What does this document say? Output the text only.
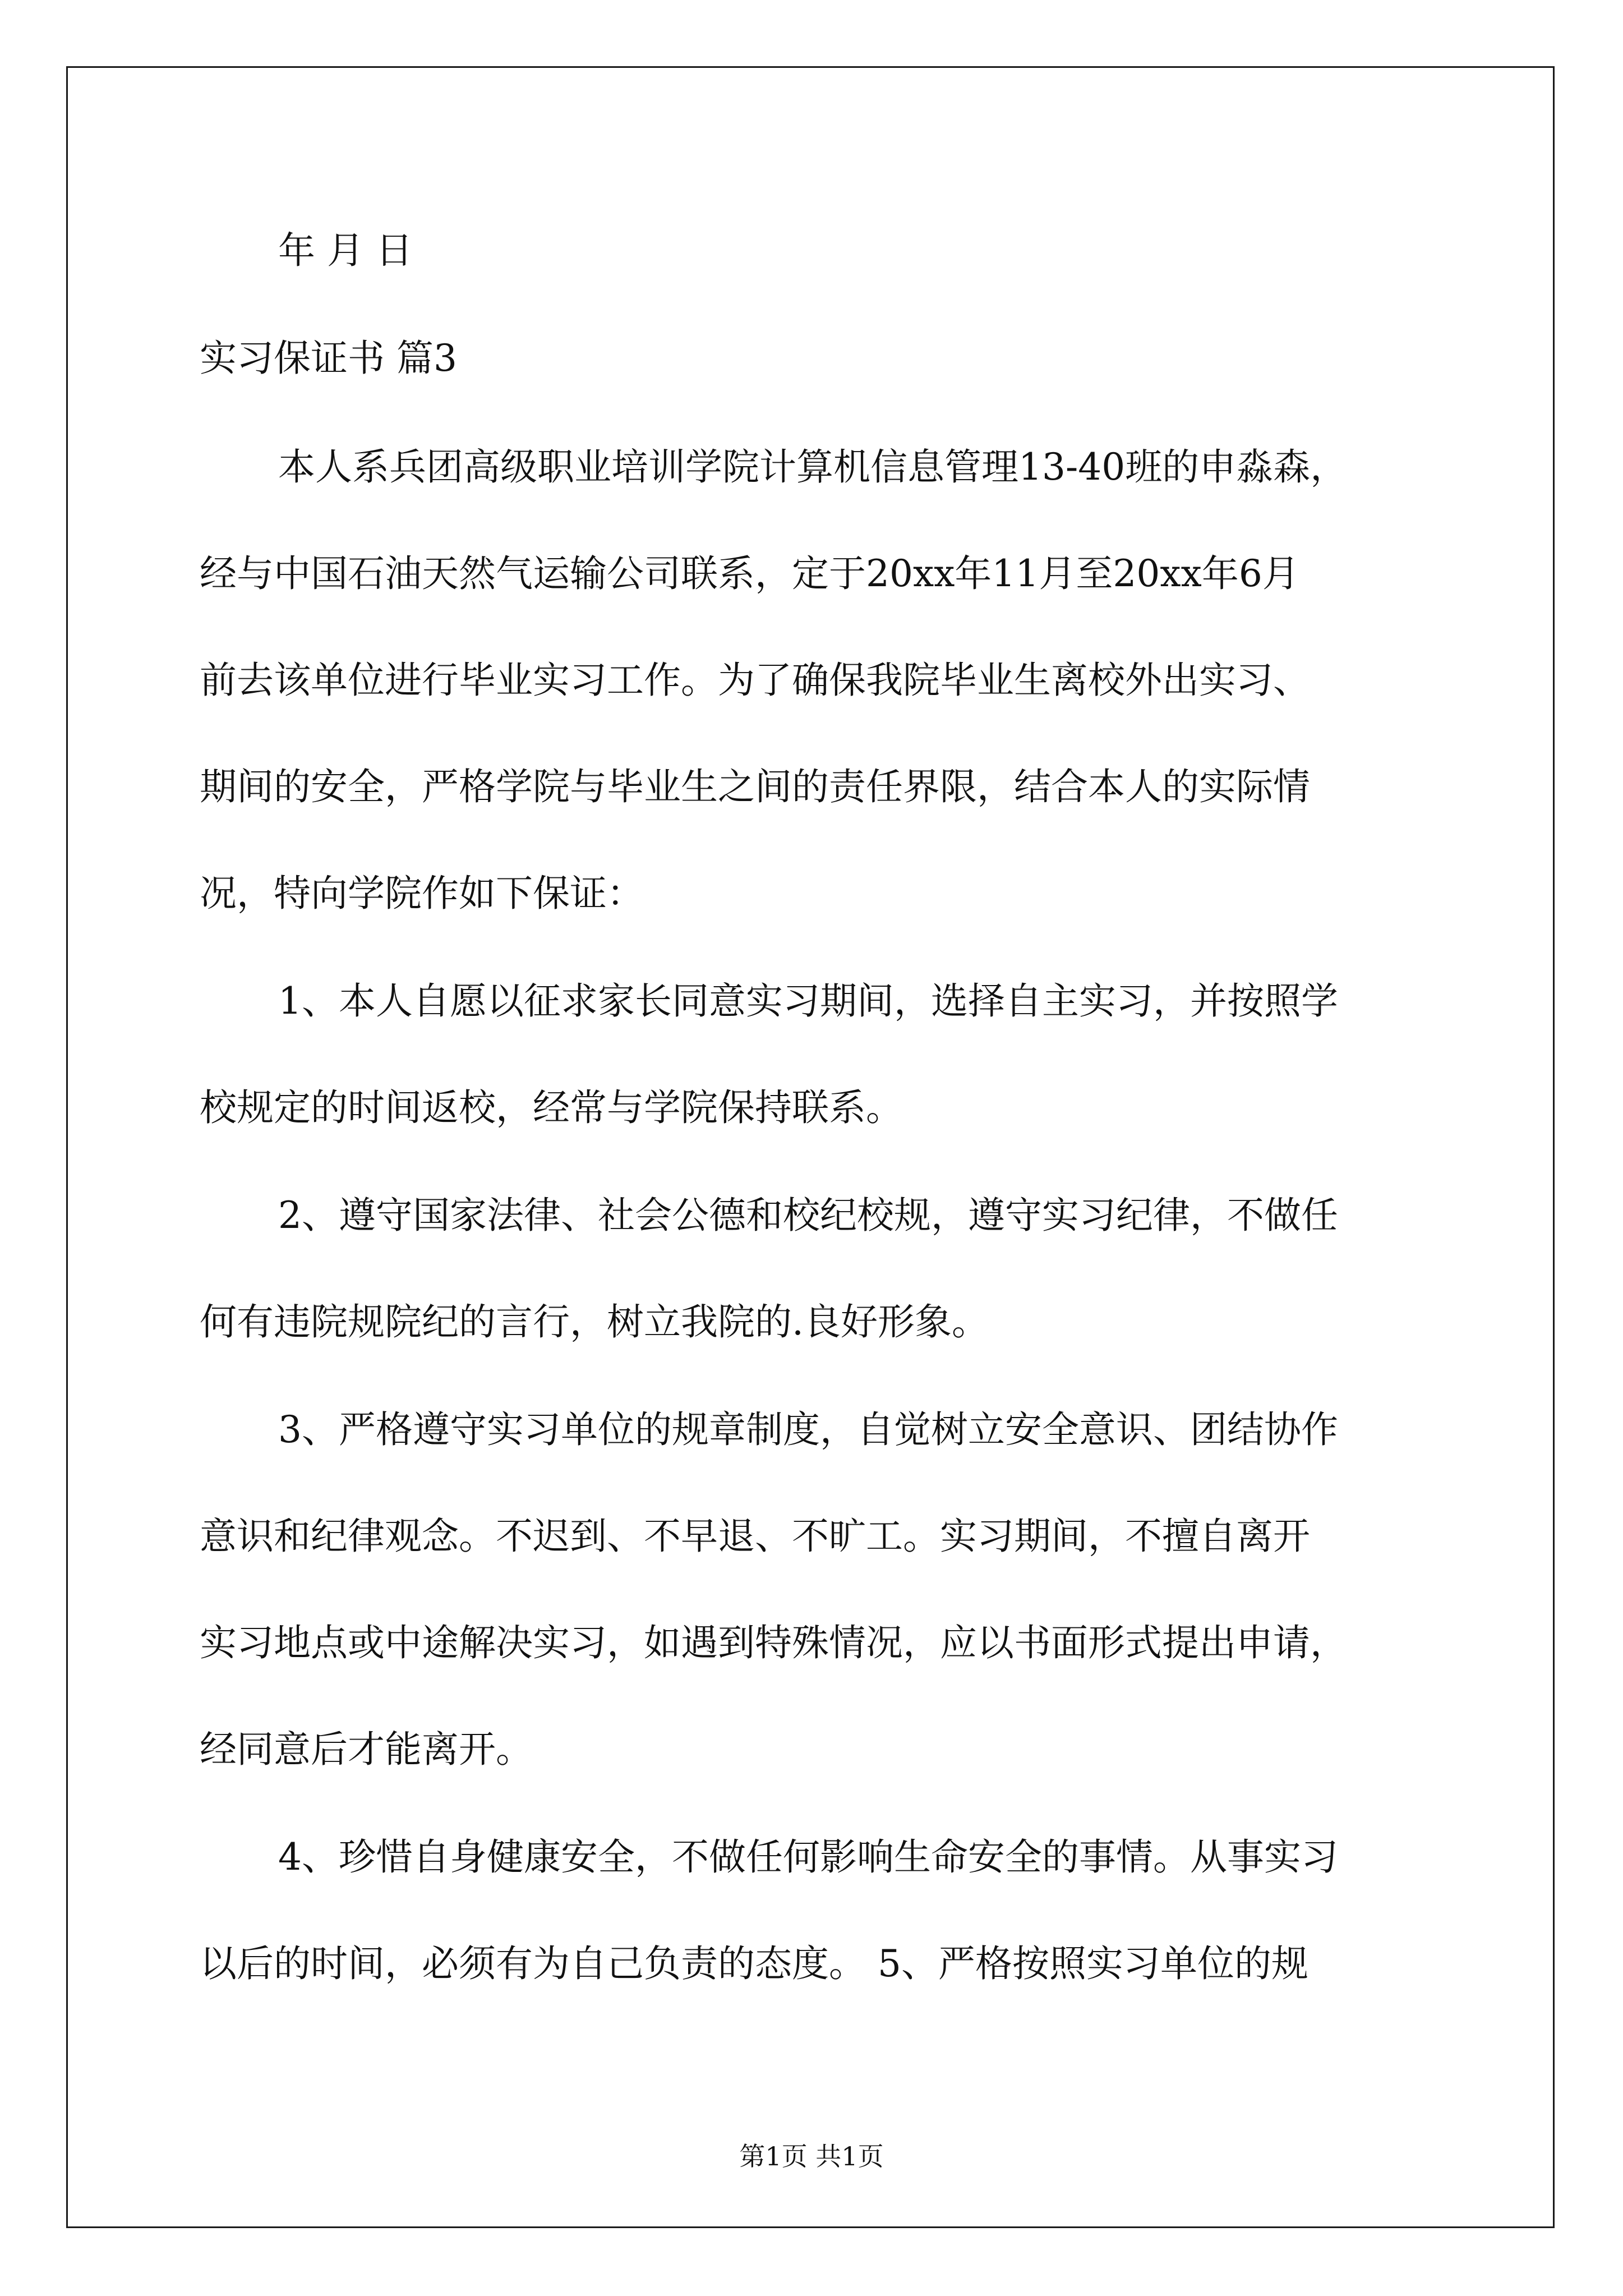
年 月 日
实习保证书 篇3
本人系兵团高级职业培训学院计算机信息管理13-40班的申淼森，
经与中国石油天然气运输公司联系，定于20xx年11月至20xx年6月
前去该单位进行毕业实习工作。为了确保我院毕业生离校外出实习、
期间的安全，严格学院与毕业生之间的责任界限，结合本人的实际情
况，特向学院作如下保证：
1、本人自愿以征求家长同意实习期间，选择自主实习，并按照学
校规定的时间返校，经常与学院保持联系。
2、遵守国家法律、社会公德和校纪校规，遵守实习纪律，不做任
何有违院规院纪的言行，树立我院的.良好形象。
3、严格遵守实习单位的规章制度，自觉树立安全意识、团结协作
意识和纪律观念。不迟到、不早退、不旷工。实习期间，不擅自离开
实习地点或中途解决实习，如遇到特殊情况，应以书面形式提出申请，
经同意后才能离开。
4、珍惜自身健康安全，不做任何影响生命安全的事情。从事实习
以后的时间，必须有为自己负责的态度。 5、严格按照实习单位的规
第1页 共1页
